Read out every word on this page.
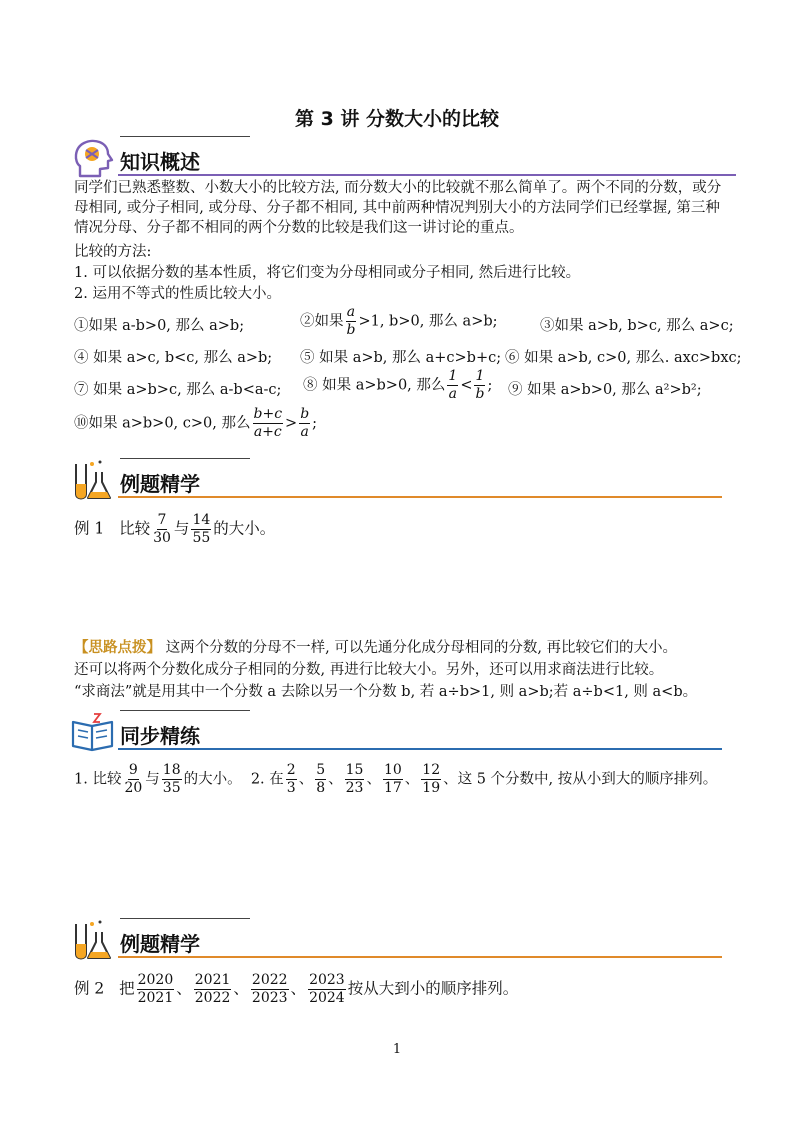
第 3 讲 分数大小的比较
知识概述
同学们已熟悉整数、小数大小的比较方法, 而分数大小的比较就不那么简单了。两个不同的分数，或分母相同, 或分子相同, 或分母、分子都不相同, 其中前两种情况判别大小的方法同学们已经掌握, 第三种情况分母、分子都不相同的两个分数的比较是我们这一讲讨论的重点。
比较的方法:
1. 可以依据分数的基本性质，将它们变为分母相同或分子相同, 然后进行比较。
2. 运用不等式的性质比较大小。
①如果 a-b>0, 那么 a>b;	②如果 $\frac{a}{b} >1$, b>0, 那么 a>b;	③如果 a>b, b>c, 那么 a>c;
④ 如果 a>c, b<c, 那么 a>b; ⑤ 如果 a>b, 那么 a+c>b+c; ⑥ 如果 a>b, c>0, 那么. axc>bxc;
⑦ 如果 a>b>c, 那么 a-b<a-c; ⑧ 如果 a>b>0, 那么 $\frac{1}{a} < \frac{1}{b}$ ; ⑨ 如果 a>b>0, 那么 a²>b²;
⑩如果 a>b>0, c>0, 那么 $\frac{b+c}{a+c} > \frac{b}{a}$ ;
例题精学
例 1 比较 $\frac{7}{30}$ 与 $\frac{14}{55}$ 的大小。
【思路点拨】 这两个分数的分母不一样, 可以先通分化成分母相同的分数, 再比较它们的大小。
还可以将两个分数化成分子相同的分数, 再进行比较大小。另外，还可以用求商法进行比较。
“求商法”就是用其中一个分数 a 去除以另一个分数 b, 若 a÷b>1, 则 a>b;若 a÷b<1, 则 a<b。
同步精练
1. 比较 $\frac{9}{20}$ 与 $\frac{18}{35}$ 的大小。 2. 在 $\frac{2}{3}$ 、 $\frac{5}{8}$ 、 $\frac{15}{23}$ 、 $\frac{10}{17}$ 、 $\frac{12}{19}$ 、这 5 个分数中, 按从小到大的顺序排列。
例题精学
例 2 把 $\frac{2020}{2021}$ 、 $\frac{2021}{2022}$ 、 $\frac{2022}{2023}$ 、 $\frac{2023}{2024}$ 按从大到小的顺序排列。
1
